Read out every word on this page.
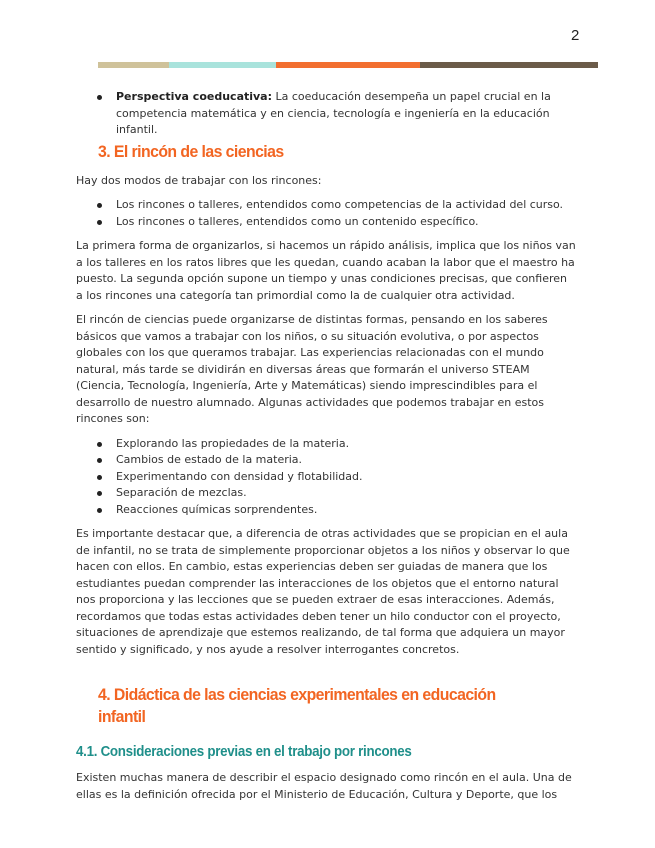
2
Perspectiva coeducativa: La coeducación desempeña un papel crucial en la competencia matemática y en ciencia, tecnología e ingeniería en la educación infantil.
3. El rincón de las ciencias

Hay dos modos de trabajar con los rincones:

Los rincones o talleres, entendidos como competencias de la actividad del curso.
Los rincones o talleres, entendidos como un contenido específico.

La primera forma de organizarlos, si hacemos un rápido análisis, implica que los niños van a los talleres en los ratos libres que les quedan, cuando acaban la labor que el maestro ha puesto. La segunda opción supone un tiempo y unas condiciones precisas, que confieren a los rincones una categoría tan primordial como la de cualquier otra actividad.

El rincón de ciencias puede organizarse de distintas formas, pensando en los saberes básicos que vamos a trabajar con los niños, o su situación evolutiva, o por aspectos globales con los que queramos trabajar. Las experiencias relacionadas con el mundo natural, más tarde se dividirán en diversas áreas que formarán el universo STEAM (Ciencia, Tecnología, Ingeniería, Arte y Matemáticas) siendo imprescindibles para el desarrollo de nuestro alumnado. Algunas actividades que podemos trabajar en estos rincones son:

Explorando las propiedades de la materia.
Cambios de estado de la materia.
Experimentando con densidad y flotabilidad.
Separación de mezclas.
Reacciones químicas sorprendentes.

Es importante destacar que, a diferencia de otras actividades que se propician en el aula de infantil, no se trata de simplemente proporcionar objetos a los niños y observar lo que hacen con ellos. En cambio, estas experiencias deben ser guiadas de manera que los estudiantes puedan comprender las interacciones de los objetos que el entorno natural nos proporciona y las lecciones que se pueden extraer de esas interacciones. Además, recordamos que todas estas actividades deben tener un hilo conductor con el proyecto, situaciones de aprendizaje que estemos realizando, de tal forma que adquiera un mayor sentido y significado, y nos ayude a resolver interrogantes concretos.

4. Didáctica de las ciencias experimentales en educación infantil
4.1. Consideraciones previas en el trabajo por rincones

Existen muchas manera de describir el espacio designado como rincón en el aula. Una de ellas es la definición ofrecida por el Ministerio de Educación, Cultura y Deporte, que los
